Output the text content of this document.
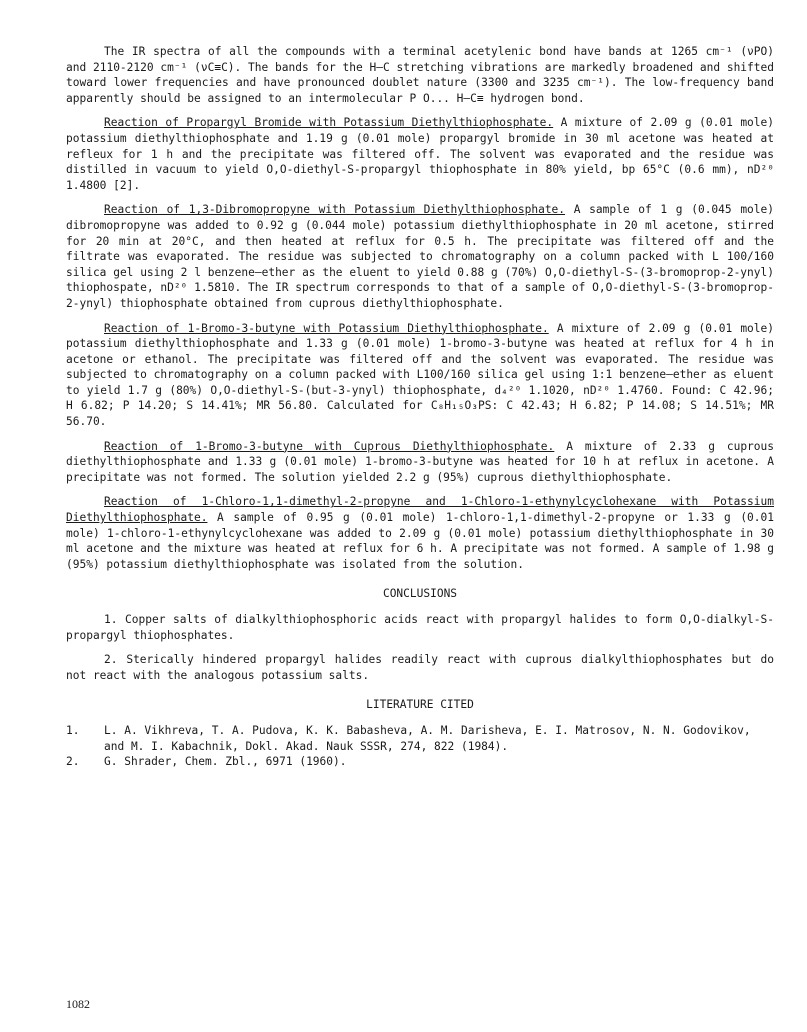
The IR spectra of all the compounds with a terminal acetylenic bond have bands at 1265 cm⁻¹ (νPO) and 2110-2120 cm⁻¹ (νC≡C). The bands for the H–C stretching vibrations are markedly broadened and shifted toward lower frequencies and have pronounced doublet nature (3300 and 3235 cm⁻¹). The low-frequency band apparently should be assigned to an intermolecular P O... H–C≡ hydrogen bond.

Reaction of Propargyl Bromide with Potassium Diethylthiophosphate. A mixture of 2.09 g (0.01 mole) potassium diethylthiophosphate and 1.19 g (0.01 mole) propargyl bromide in 30 ml acetone was heated at refleux for 1 h and the precipitate was filtered off. The solvent was evaporated and the residue was distilled in vacuum to yield O,O-diethyl-S-propargyl thiophosphate in 80% yield, bp 65°C (0.6 mm), nD²⁰ 1.4800 [2].

Reaction of 1,3-Dibromopropyne with Potassium Diethylthiophosphate. A sample of 1 g (0.045 mole) dibromopropyne was added to 0.92 g (0.044 mole) potassium diethylthiophosphate in 20 ml acetone, stirred for 20 min at 20°C, and then heated at reflux for 0.5 h. The precipitate was filtered off and the filtrate was evaporated. The residue was subjected to chromatography on a column packed with L 100/160 silica gel using 2 l benzene–ether as the eluent to yield 0.88 g (70%) O,O-diethyl-S-(3-bromoprop-2-ynyl) thiophospate, nD²⁰ 1.5810. The IR spectrum corresponds to that of a sample of O,O-diethyl-S-(3-bromoprop-2-ynyl) thiophosphate obtained from cuprous diethylthiophosphate.

Reaction of 1-Bromo-3-butyne with Potassium Diethylthiophosphate. A mixture of 2.09 g (0.01 mole) potassium diethylthiophosphate and 1.33 g (0.01 mole) 1-bromo-3-butyne was heated at reflux for 4 h in acetone or ethanol. The precipitate was filtered off and the solvent was evaporated. The residue was subjected to chromatography on a column packed with L100/160 silica gel using 1:1 benzene–ether as eluent to yield 1.7 g (80%) O,O-diethyl-S-(but-3-ynyl) thiophosphate, d₄²⁰ 1.1020, nD²⁰ 1.4760. Found: C 42.96; H 6.82; P 14.20; S 14.41%; MR 56.80. Calculated for C₈H₁₅O₃PS: C 42.43; H 6.82; P 14.08; S 14.51%; MR 56.70.

Reaction of 1-Bromo-3-butyne with Cuprous Diethylthiophosphate. A mixture of 2.33 g cuprous diethylthiophosphate and 1.33 g (0.01 mole) 1-bromo-3-butyne was heated for 10 h at reflux in acetone. A precipitate was not formed. The solution yielded 2.2 g (95%) cuprous diethylthiophosphate.

Reaction of 1-Chloro-1,1-dimethyl-2-propyne and 1-Chloro-1-ethynylcyclohexane with Potassium Diethylthiophosphate. A sample of 0.95 g (0.01 mole) 1-chloro-1,1-dimethyl-2-propyne or 1.33 g (0.01 mole) 1-chloro-1-ethynylcyclohexane was added to 2.09 g (0.01 mole) potassium diethylthiophosphate in 30 ml acetone and the mixture was heated at reflux for 6 h. A precipitate was not formed. A sample of 1.98 g (95%) potassium diethylthiophosphate was isolated from the solution.

CONCLUSIONS

1. Copper salts of dialkylthiophosphoric acids react with propargyl halides to form O,O-dialkyl-S-propargyl thiophosphates.

2. Sterically hindered propargyl halides readily react with cuprous dialkylthiophosphates but do not react with the analogous potassium salts.

LITERATURE CITED

1.	L. A. Vikhreva, T. A. Pudova, K. K. Babasheva, A. M. Darisheva, E. I. Matrosov, N. N. Godovikov, and M. I. Kabachnik, Dokl. Akad. Nauk SSSR, 274, 822 (1984).
2.	G. Shrader, Chem. Zbl., 6971 (1960).
1082
